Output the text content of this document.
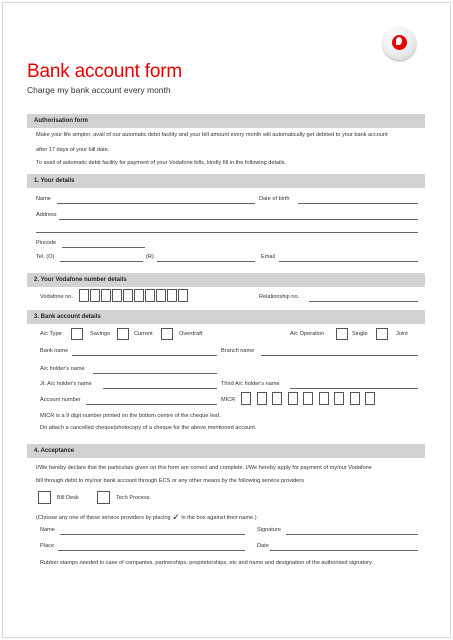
Bank account form
Charge my bank account every month
Authorisation form
Make your life simpler, avail of our automatic debit facility and your bill amount every month will automatically get debited to your bank account
after 17 days of your bill date.
To avail of automatic debit facility for payment of your Vodafone bills, kindly fill in the following details.
1. Your details
Name	Date of birth
Address
Pincode
Tel. (O)	(R)	Email
2. Your Vodafone number details
Vodafone no.	Relationship no.
3. Bank account details
A/c Type	Savings	Current	Overdraft	A/c Operation	Single	Joint
Bank name	Branch name
A/c holder's name
Jt. A/c holder's name	Third A/c holder's name
Account number	MICR
MICR is a 9 digit number printed on the bottom centre of the cheque leaf.
Do attach a cancelled cheque/photocopy of a cheque for the above mentioned account.
4. Acceptance
I/We hereby declare that the particulars given on this form are correct and complete. I/We hereby apply for payment of my/our Vodafone
bill through debit to my/our bank account through ECS or any other means by the following service providers
Bill Desk	Tech Process
(Choose any one of these service providers by placing ✓ in the box against their name.)
Name	Signature
Place	Date
Rubber stamps needed in case of companies, partnerships, proprietorships, etc and name and designation of the authorised signatory.
